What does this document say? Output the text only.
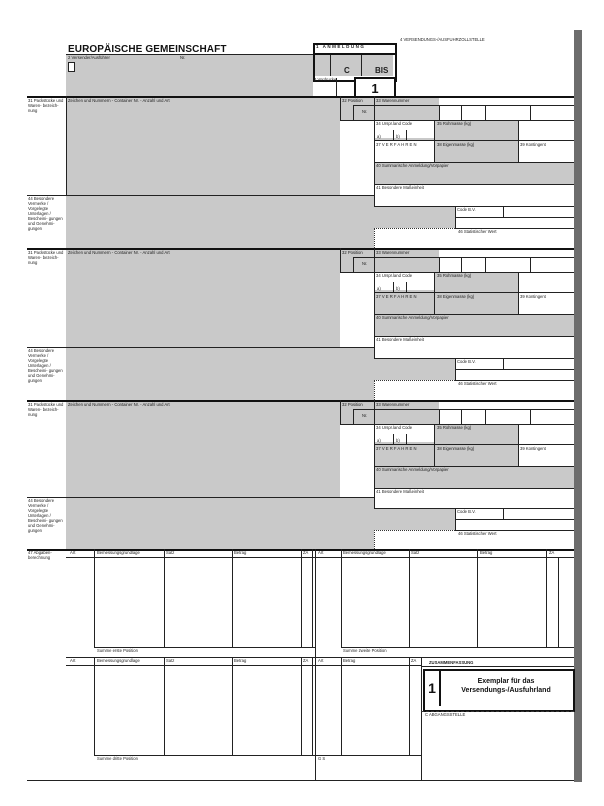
4 VERSENDUNGS-/AUSFUHRZOLLSTELLE
EUROPÄISCHE GEMEINSCHAFT
2 Versender/Ausführer	Nr.
1 ANMELDUNG
C	BIS
3 Vordrucke
1
31 Packstücke und Waren- bezeich- nung
Zeichen und Nummern - Container Nr. - Anzahl und Art	32 Position
Nr.
33 Warennummer
34 Urspr.land Code	35 Rohmasse (kg)
a)	b)
37 V E R F A H R E N	38 Eigenmasse (kg)	39 Kontingent
40 Summarische Anmeldung/Vorpapier
41 Besondere Maßeinheit
44 Besondere Vermerke / Vorgelegte Unterlagen / Bescheini- gungen und Genehmi- gungen
Code B.V.
46 Statistischer Wert
31 Packstücke und Waren- bezeich- nung
Zeichen und Nummern - Container Nr. - Anzahl und Art	32 Position
Nr.
33 Warennummer
34 Urspr.land Code	35 Rohmasse (kg)
a)	b)
37 V E R F A H R E N	38 Eigenmasse (kg)	39 Kontingent
40 Summarische Anmeldung/Vorpapier
41 Besondere Maßeinheit
44 Besondere Vermerke / Vorgelegte Unterlagen / Bescheini- gungen und Genehmi- gungen
Code B.V.
46 Statistischer Wert
31 Packstücke und Waren- bezeich- nung
Zeichen und Nummern - Container Nr. - Anzahl und Art	32 Position
Nr.
33 Warennummer
34 Urspr.land Code	35 Rohmasse (kg)
a)	b)
37 V E R F A H R E N	38 Eigenmasse (kg)	39 Kontingent
40 Summarische Anmeldung/Vorpapier
41 Besondere Maßeinheit
44 Besondere Vermerke / Vorgelegte Unterlagen / Bescheini- gungen und Genehmi- gungen
Code B.V.
46 Statistischer Wert
47 Abgaben- berechnung
Art	Bemessungsgrundlage	Satz	Betrag	ZA
Summe erste Position
Art	Bemessungsgrundlage	Satz	Betrag	ZA
Summe zweite Position
Art	Bemessungsgrundlage	Satz	Betrag	ZA
Summe dritte Position
Art	Betrag	ZA
G S
ZUSAMMENFASSUNG
1	Exemplar für das Versendungs-/Ausfuhrland
C ABGANGSSTELLE
